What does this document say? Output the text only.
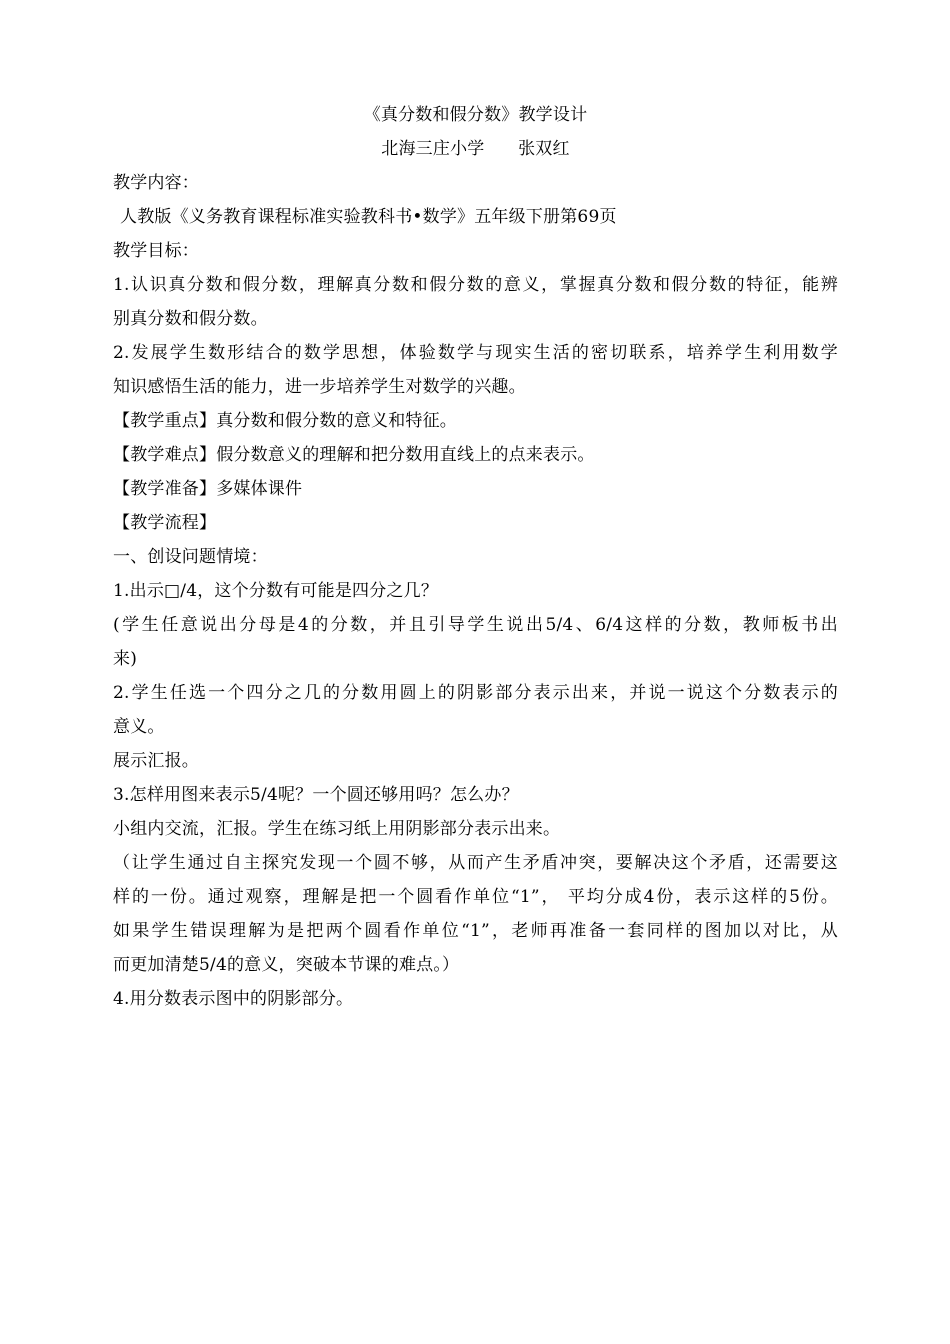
《真分数和假分数》教学设计
北海三庄小学      张双红
教学内容：
人教版《义务教育课程标准实验教科书•数学》五年级下册第69页
教学目标：
1.认识真分数和假分数，理解真分数和假分数的意义，掌握真分数和假分数的特征，能辨
别真分数和假分数。
2.发展学生数形结合的数学思想，体验数学与现实生活的密切联系，培养学生利用数学
知识感悟生活的能力，进一步培养学生对数学的兴趣。
【教学重点】真分数和假分数的意义和特征。
【教学难点】假分数意义的理解和把分数用直线上的点来表示。
【教学准备】多媒体课件
【教学流程】
一、创设问题情境：
1.出示□/4，这个分数有可能是四分之几？
(学生任意说出分母是4的分数，并且引导学生说出5/4、6/4这样的分数，教师板书出
来)
2.学生任选一个四分之几的分数用圆上的阴影部分表示出来，并说一说这个分数表示的
意义。
展示汇报。
3.怎样用图来表示5/4呢？一个圆还够用吗？怎么办？
小组内交流，汇报。学生在练习纸上用阴影部分表示出来。
（让学生通过自主探究发现一个圆不够，从而产生矛盾冲突，要解决这个矛盾，还需要这
样的一份。通过观察，理解是把一个圆看作单位“1”， 平均分成4份，表示这样的5份。
如果学生错误理解为是把两个圆看作单位“1”，老师再准备一套同样的图加以对比，从
而更加清楚5/4的意义，突破本节课的难点。）
4.用分数表示图中的阴影部分。
